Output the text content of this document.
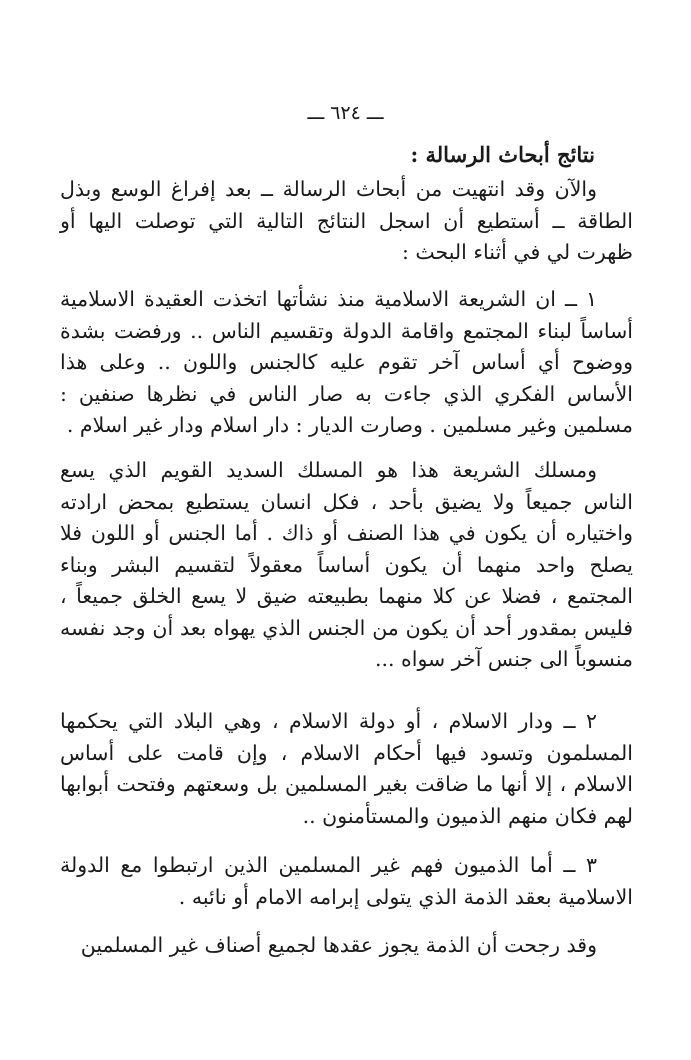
ـــ ٦٢٤ ـــ
نتائج أبحاث الرسالة :
والآن وقد انتهيت من أبحاث الرسالة ــ بعد إفراغ الوسع وبذل الطاقة ــ أستطيع أن اسجل النتائج التالية التي توصلت اليها أو ظهرت لي في أثناء البحث :
١ ــ ان الشريعة الاسلامية منذ نشأتها اتخذت العقيدة الاسلامية أساساً لبناء المجتمع واقامة الدولة وتقسيم الناس .. ورفضت بشدة ووضوح أي أساس آخر تقوم عليه كالجنس واللون .. وعلى هذا الأساس الفكري الذي جاءت به صار الناس في نظرها صنفين : مسلمين وغير مسلمين . وصارت الديار : دار اسلام ودار غير اسلام .
ومسلك الشريعة هذا هو المسلك السديد القويم الذي يسع الناس جميعاً ولا يضيق بأحد ، فكل انسان يستطيع بمحض ارادته واختياره أن يكون في هذا الصنف أو ذاك . أما الجنس أو اللون فلا يصلح واحد منهما أن يكون أساساً معقولاً لتقسيم البشر وبناء المجتمع ، فضلا عن كلا منهما بطبيعته ضيق لا يسع الخلق جميعاً ، فليس بمقدور أحد أن يكون من الجنس الذي يهواه بعد أن وجد نفسه منسوباً الى جنس آخر سواه ...
٢ ــ ودار الاسلام ، أو دولة الاسلام ، وهي البلاد التي يحكمها المسلمون وتسود فيها أحكام الاسلام ، وإن قامت على أساس الاسلام ، إلا أنها ما ضاقت بغير المسلمين بل وسعتهم وفتحت أبوابها لهم فكان منهم الذميون والمستأمنون ..
٣ ــ أما الذميون فهم غير المسلمين الذين ارتبطوا مع الدولة الاسلامية بعقد الذمة الذي يتولى إبرامه الامام أو نائبه .
وقد رجحت أن الذمة يجوز عقدها لجميع أصناف غير المسلمين
